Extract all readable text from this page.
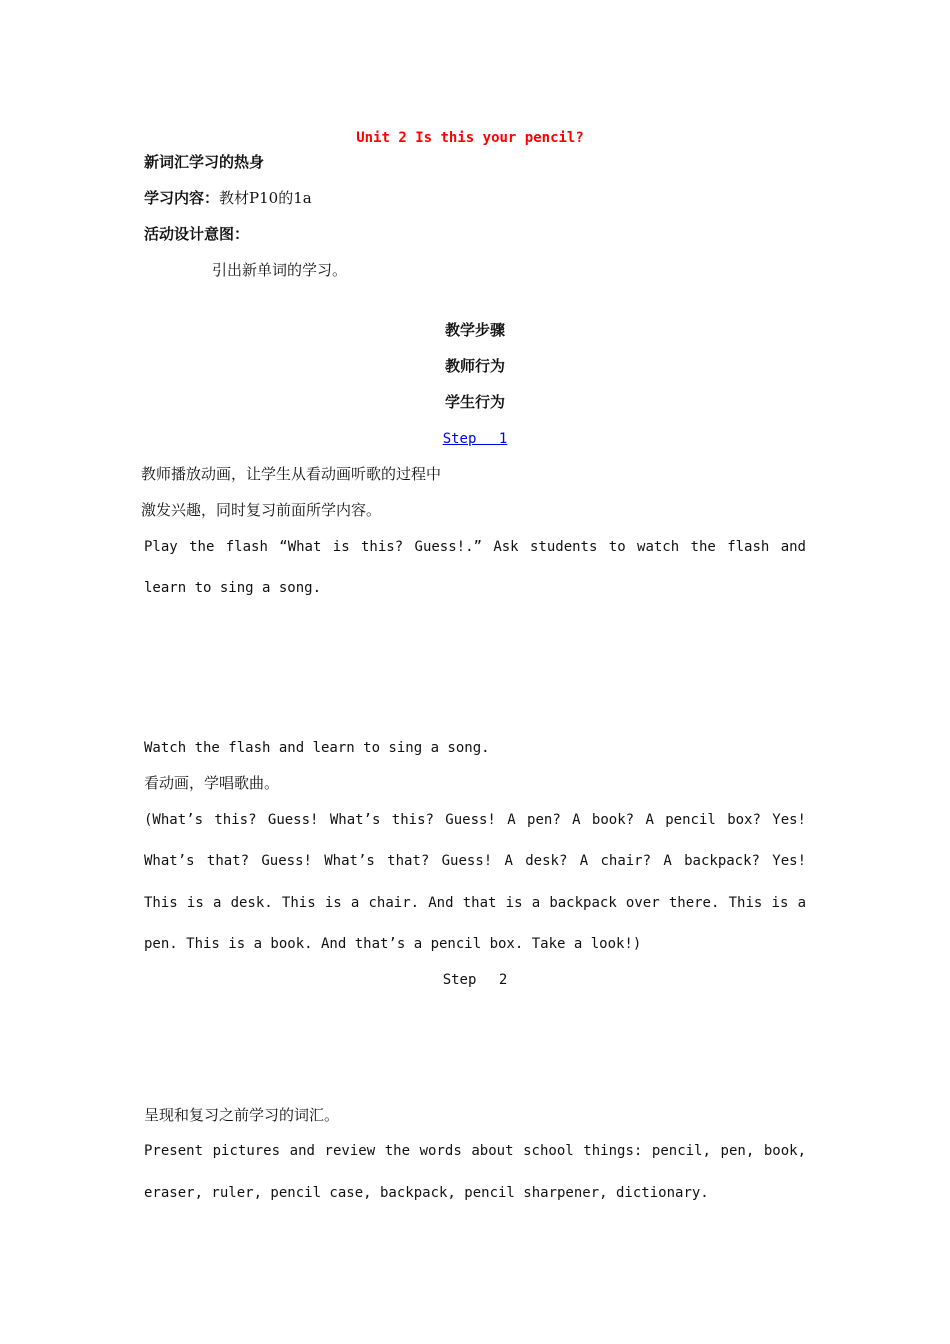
Unit 2 Is this your pencil?
新词汇学习的热身
学习内容：教材P10的1a
活动设计意图：
引出新单词的学习。
教学步骤
教师行为
学生行为
Step　 1
教师播放动画，让学生从看动画听歌的过程中
激发兴趣，同时复习前面所学内容。
Play the flash “What is this? Guess!.” Ask students to watch the flash and
learn to sing a song.
Watch the flash and learn to sing a song.
看动画，学唱歌曲。
(What’s this? Guess! What’s this? Guess! A pen? A book? A pencil box? Yes!
What’s that? Guess! What’s that? Guess! A desk? A chair? A backpack? Yes!
This is a desk. This is a chair. And that is a backpack over there. This is a
pen. This is a book. And that’s a pencil box. Take a look!)
Step　 2
呈现和复习之前学习的词汇。
Present pictures and review the words about school things: pencil, pen, book,
eraser, ruler, pencil case, backpack, pencil sharpener, dictionary.
